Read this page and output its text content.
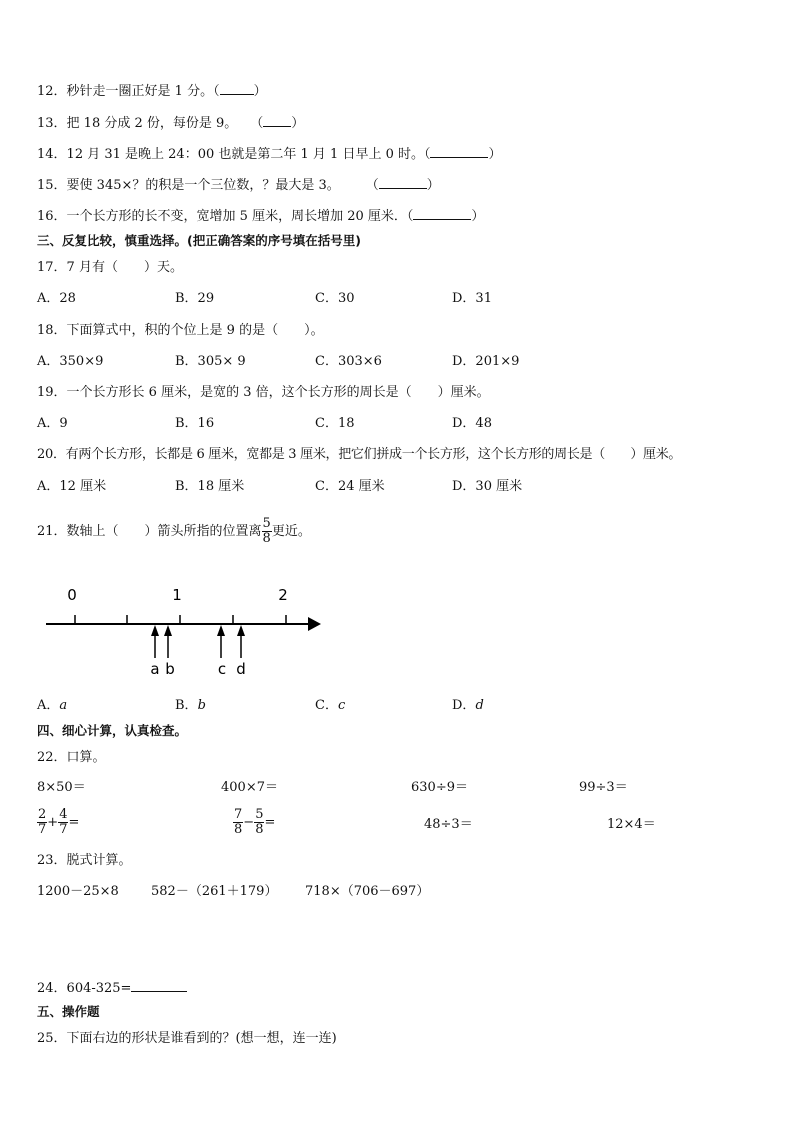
12．秒针走一圈正好是 1 分。（	）
13．把 18 分成 2 份，每份是 9。　　（ ）
14．12 月 31 是晚上 24：00 也就是第二年 1 月 1 日早上 0 时。（	）
15．要使 345×？的积是一个三位数，？最大是 3。　　　（	）
16．一个长方形的长不变，宽增加 5 厘米，周长增加 20 厘米．（	）
三、反复比较，慎重选择。(把正确答案的序号填在括号里)
17．7 月有（　　）天。
A．28	B．29	C．30	D．31
18．下面算式中，积的个位上是 9 的是（　　）。
A．350×9	B．305× 9	C．303×6	D．201×9
19．一个长方形长 6 厘米，是宽的 3 倍，这个长方形的周长是（　　）厘米。
A．9	B．16	C．18	D．48
20．有两个长方形，长都是 6 厘米，宽都是 3 厘米，把它们拼成一个长方形，这个长方形的周长是（　　）厘米。
A．12 厘米	B．18 厘米	C．24 厘米	D．30 厘米
21．数轴上（　　）箭头所指的位置离 $\frac{5}{8}$ 更近。
0	1	2
a b	c d
A．a	B．b	C．c	D．d
四、细心计算，认真检查。
22．口算。
8×50＝	400×7＝	630÷9＝	99÷3＝
$\frac{2}{7} + \frac{4}{7}$ =	$\frac{7}{8} - \frac{5}{8}$ =	48÷3＝	12×4＝
23．脱式计算。
1200－25×8 582－（261＋179） 718×（706－697）
24．604-325=
五、操作题
25．下面右边的形状是谁看到的？(想一想，连一连)
